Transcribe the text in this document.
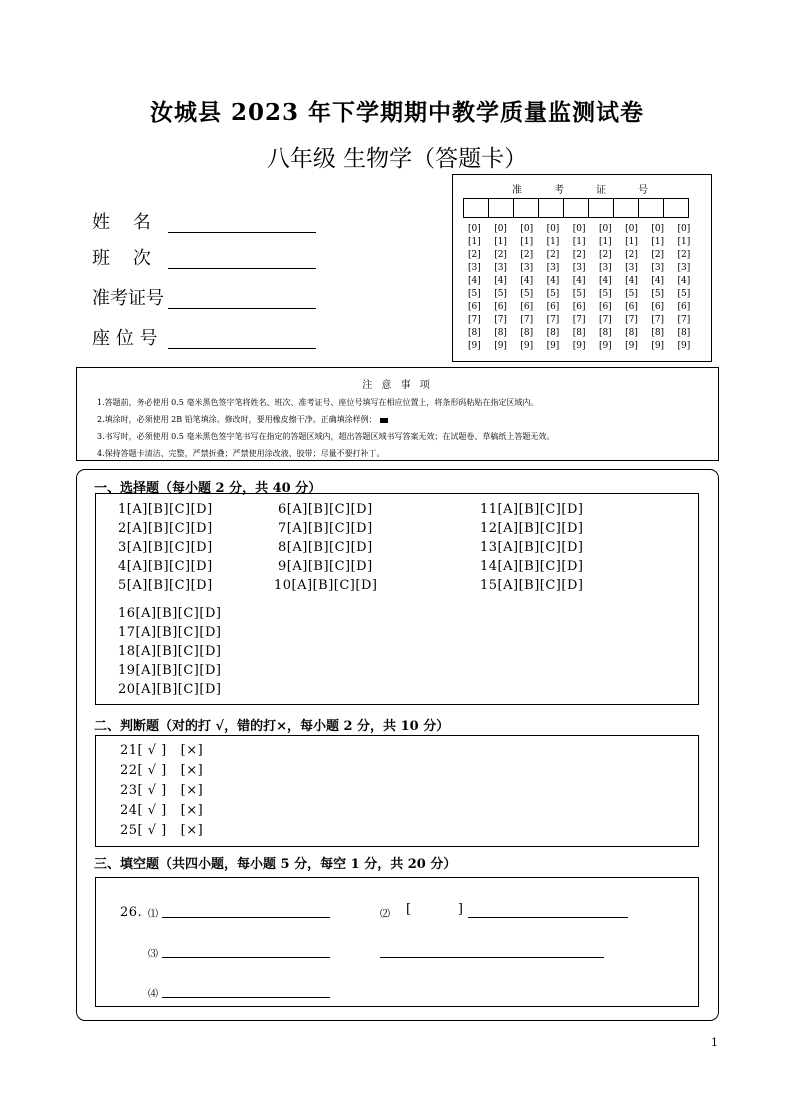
汝城县 2023 年下学期期中教学质量监测试卷
八年级 生物学（答题卡）
姓    名
班    次
准考证号
座 位 号
准	考	证	号
[0]	[0]	[0]	[0]	[0]	[0]	[0]	[0]	[0]
[1]	[1]	[1]	[1]	[1]	[1]	[1]	[1]	[1]
[2]	[2]	[2]	[2]	[2]	[2]	[2]	[2]	[2]
[3]	[3]	[3]	[3]	[3]	[3]	[3]	[3]	[3]
[4]	[4]	[4]	[4]	[4]	[4]	[4]	[4]	[4]
[5]	[5]	[5]	[5]	[5]	[5]	[5]	[5]	[5]
[6]	[6]	[6]	[6]	[6]	[6]	[6]	[6]	[6]
[7]	[7]	[7]	[7]	[7]	[7]	[7]	[7]	[7]
[8]	[8]	[8]	[8]	[8]	[8]	[8]	[8]	[8]
[9]	[9]	[9]	[9]	[9]	[9]	[9]	[9]	[9]
注 意 事 项
1.答题前，务必使用 0.5 毫米黑色签字笔将姓名、班次、准考证号、座位号填写在相应位置上，将条形码粘贴在指定区域内。
2.填涂时，必须使用 2B 铅笔填涂。修改时，要用橡皮擦干净。正确填涂样例：
3.书写时，必须使用 0.5 毫米黑色签字笔书写在指定的答题区域内，超出答题区域书写答案无效；在试题卷、草稿纸上答题无效。
4.保持答题卡清洁、完整，严禁折叠；严禁使用涂改液、胶带；尽量不要打补丁。
一、选择题（每小题 2 分，共 40 分）
1[A][B][C][D]
2[A][B][C][D]
3[A][B][C][D]
4[A][B][C][D]
5[A][B][C][D]
6[A][B][C][D]
7[A][B][C][D]
8[A][B][C][D]
9[A][B][C][D]
10[A][B][C][D]
11[A][B][C][D]
12[A][B][C][D]
13[A][B][C][D]
14[A][B][C][D]
15[A][B][C][D]
16[A][B][C][D]
17[A][B][C][D]
18[A][B][C][D]
19[A][B][C][D]
20[A][B][C][D]
二、判断题（对的打 √，错的打×，每小题 2 分，共 10 分）
21[ √ ]   [×]
22[ √ ]   [×]
23[ √ ]   [×]
24[ √ ]   [×]
25[ √ ]   [×]
三、填空题（共四小题，每小题 5 分，每空 1 分，共 20 分）
26. ⑴	⑵ [          ]
⑶
⑷
1
